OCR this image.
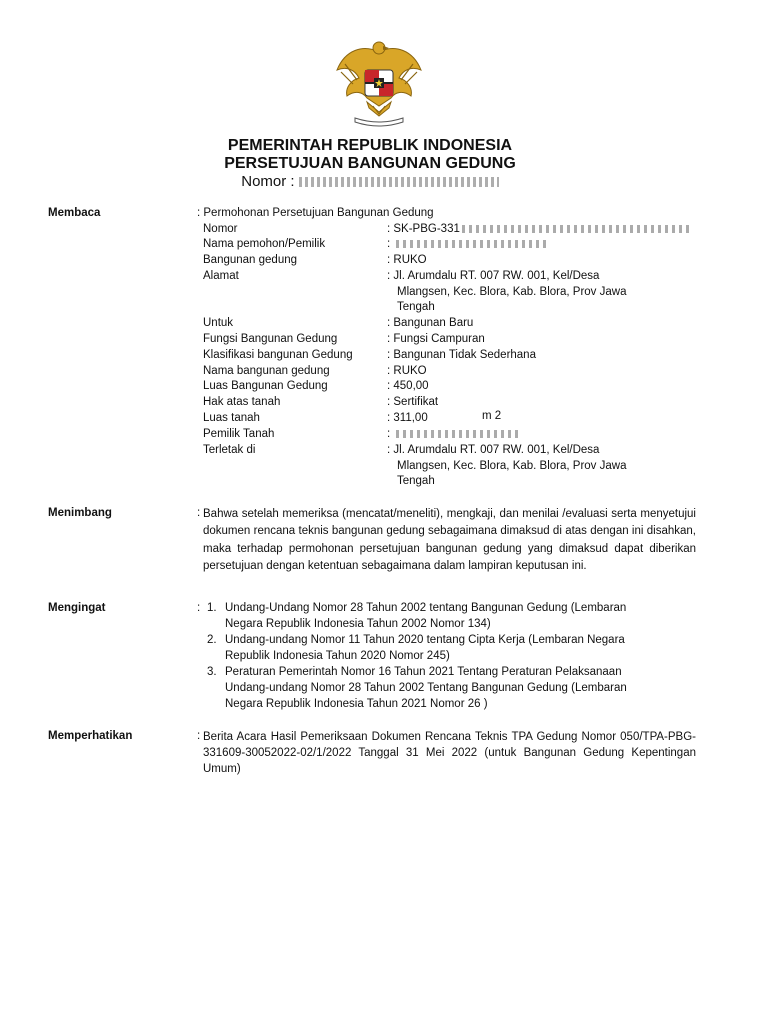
PEMERINTAH REPUBLIK INDONESIA
PERSETUJUAN BANGUNAN GEDUNG
Nomor :
Membaca	: Permohonan Persetujuan Bangunan Gedung
Nomor	: SK-PBG-331
Nama pemohon/Pemilik	:
Bangunan gedung	: RUKO
Alamat	: Jl. Arumdalu RT. 007 RW. 001, Kel/Desa
Mlangsen, Kec. Blora, Kab. Blora, Prov Jawa
Tengah
Untuk	: Bangunan Baru
Fungsi Bangunan Gedung	: Fungsi Campuran
Klasifikasi bangunan Gedung	: Bangunan Tidak Sederhana
Nama bangunan gedung	: RUKO
Luas Bangunan Gedung	: 450,00
Hak atas tanah	: Sertifikat
Luas tanah	: 311,00	m 2
Pemilik Tanah	:
Terletak di	: Jl. Arumdalu RT. 007 RW. 001, Kel/Desa
Mlangsen, Kec. Blora, Kab. Blora, Prov Jawa
Tengah
Menimbang	: Bahwa setelah memeriksa (mencatat/meneliti), mengkaji, dan menilai /evaluasi serta menyetujui dokumen rencana teknis bangunan gedung sebagaimana dimaksud di atas dengan ini disahkan, maka terhadap permohonan persetujuan bangunan gedung yang dimaksud dapat diberikan persetujuan dengan ketentuan sebagaimana dalam lampiran keputusan ini.
Mengingat	: 1. Undang-Undang Nomor 28 Tahun 2002 tentang Bangunan Gedung (Lembaran
Negara Republik Indonesia Tahun 2002 Nomor 134)
2. Undang-undang Nomor 11 Tahun 2020 tentang Cipta Kerja (Lembaran Negara
Republik Indonesia Tahun 2020 Nomor 245)
3. Peraturan Pemerintah Nomor 16 Tahun 2021 Tentang Peraturan Pelaksanaan
Undang-undang Nomor 28 Tahun 2002 Tentang Bangunan Gedung (Lembaran
Negara Republik Indonesia Tahun 2021 Nomor 26 )
Memperhatikan	: Berita Acara Hasil Pemeriksaan Dokumen Rencana Teknis TPA Gedung Nomor 050/TPA-PBG-331609-30052022-02/1/2022 Tanggal 31 Mei 2022 (untuk Bangunan Gedung Kepentingan Umum)
